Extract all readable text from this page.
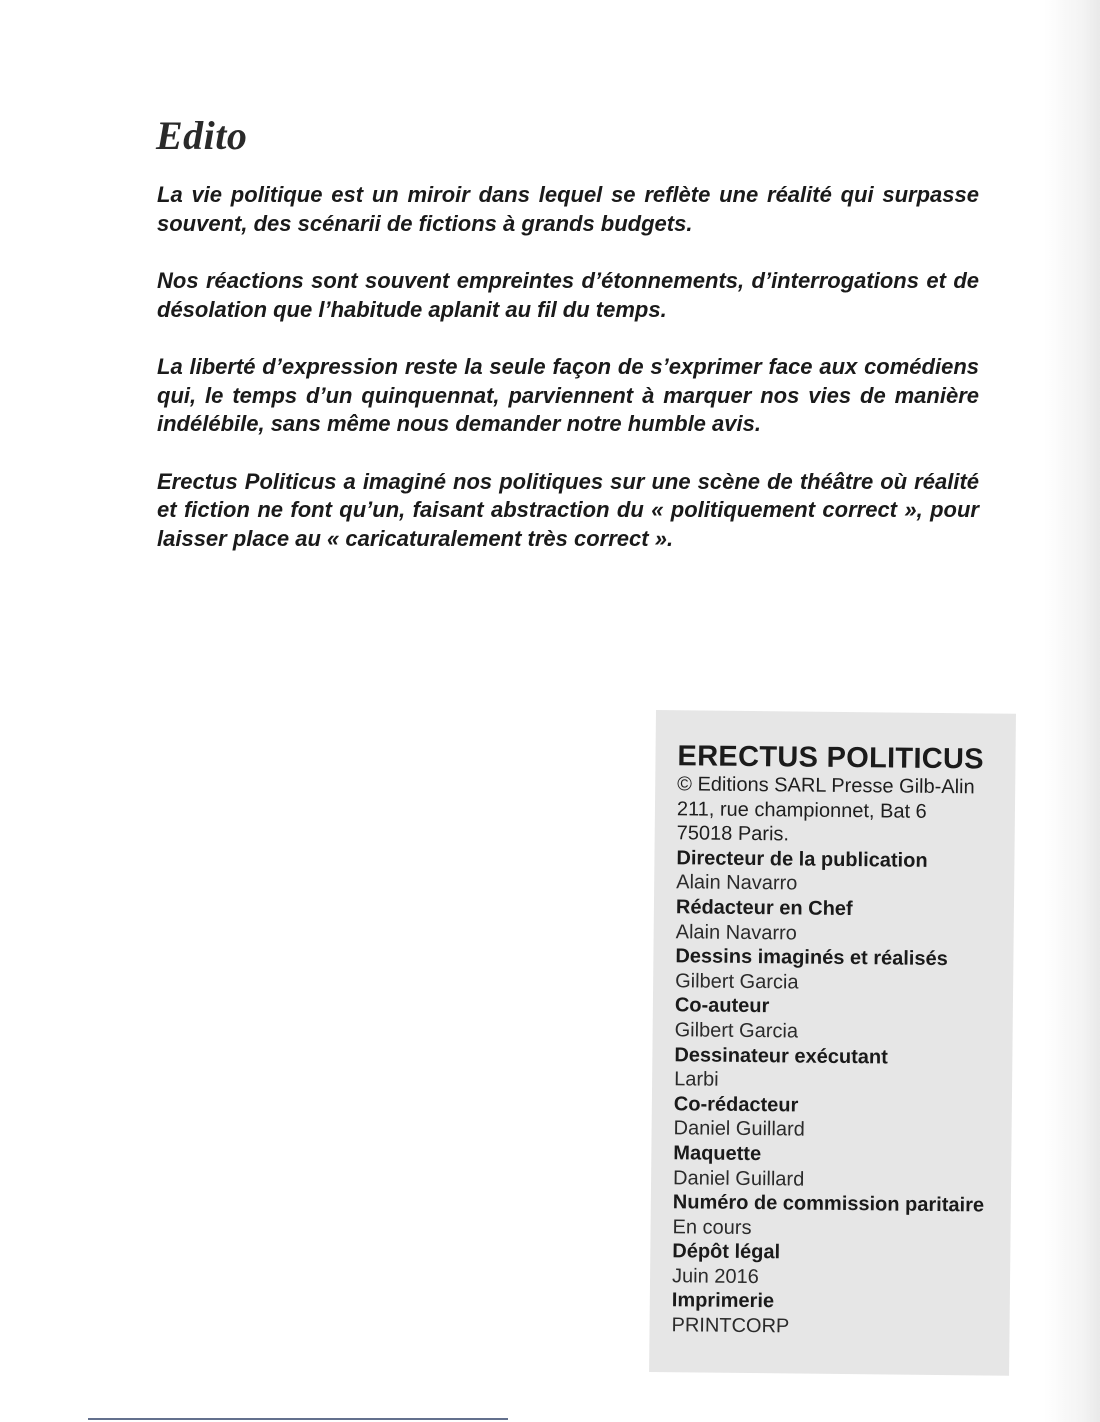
Edito

La vie politique est un miroir dans lequel se reflète une réalité qui surpasse souvent, des scénarii de fictions à grands budgets.

Nos réactions sont souvent empreintes d’étonnements, d’interrogations et de désolation que l’habitude aplanit au fil du temps.

La liberté d’expression reste la seule façon de s’exprimer face aux comédiens qui, le temps d’un quinquennat, parviennent à marquer nos vies de manière indélébile, sans même nous demander notre humble avis.

Erectus Politicus a imaginé nos politiques sur une scène de théâtre où réalité et fiction ne font qu’un, faisant abstraction du « politiquement correct », pour laisser place au « caricaturalement très correct ».

ERECTUS POLITICUS
© Editions SARL Presse Gilb-Alin
211, rue championnet, Bat 6
75018 Paris.
Directeur de la publication
Alain Navarro
Rédacteur en Chef
Alain Navarro
Dessins imaginés et réalisés
Gilbert Garcia
Co-auteur
Gilbert Garcia
Dessinateur exécutant
Larbi
Co-rédacteur
Daniel Guillard
Maquette
Daniel Guillard
Numéro de commission paritaire
En cours
Dépôt légal
Juin 2016
Imprimerie
PRINTCORP
